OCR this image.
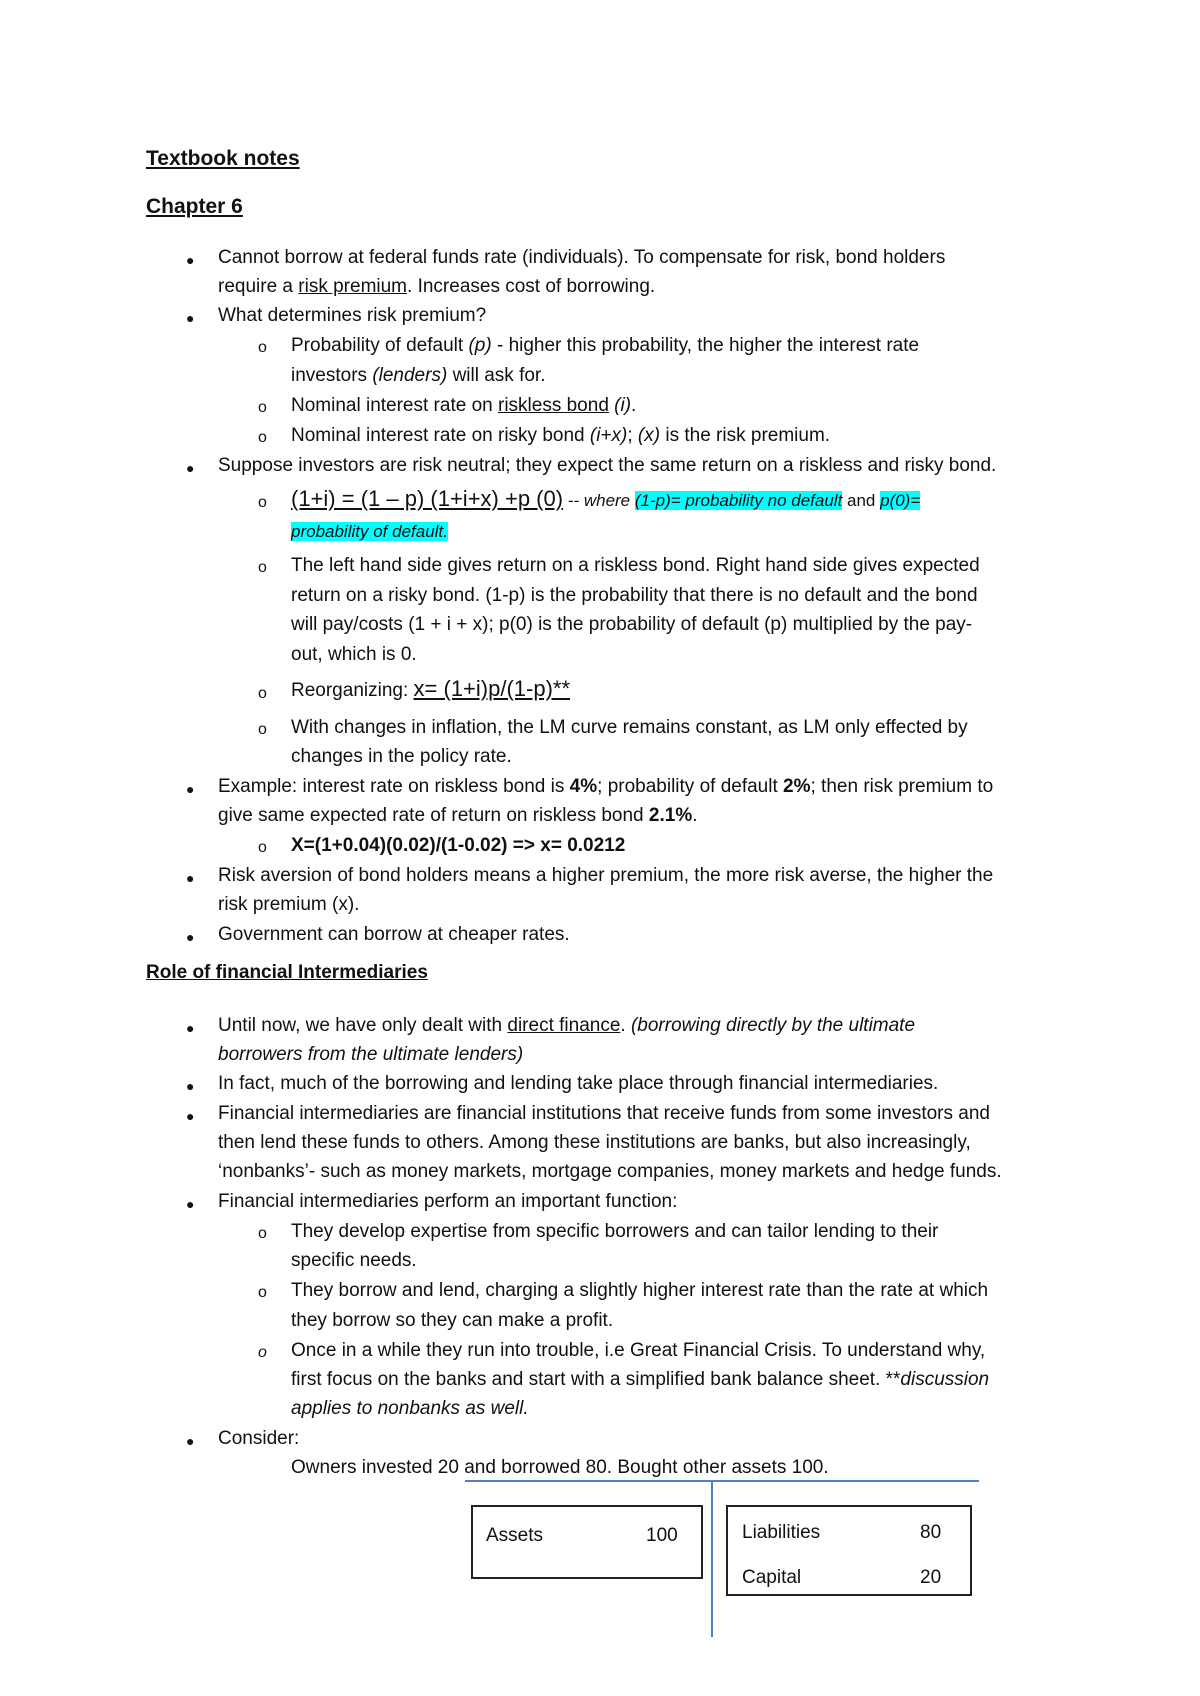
Textbook notes
Chapter 6
● Cannot borrow at federal funds rate (individuals). To compensate for risk, bond holders
require a risk premium. Increases cost of borrowing.
● What determines risk premium?
o Probability of default (p) - higher this probability, the higher the interest rate
investors (lenders) will ask for.
o Nominal interest rate on riskless bond (i).
o Nominal interest rate on risky bond (i+x); (x) is the risk premium.
● Suppose investors are risk neutral; they expect the same return on a riskless and risky bond.
o (1+i) = (1 – p) (1+i+x) +p (0) -- where (1-p)= probability no default and p(0)=
probability of default.
o The left hand side gives return on a riskless bond. Right hand side gives expected
return on a risky bond. (1-p) is the probability that there is no default and the bond
will pay/costs (1 + i + x); p(0) is the probability of default (p) multiplied by the pay-
out, which is 0.
o Reorganizing: x= (1+i)p/(1-p)**
o With changes in inflation, the LM curve remains constant, as LM only effected by
changes in the policy rate.
● Example: interest rate on riskless bond is 4%; probability of default 2%; then risk premium to
give same expected rate of return on riskless bond 2.1%.
o X=(1+0.04)(0.02)/(1-0.02) => x= 0.0212
● Risk aversion of bond holders means a higher premium, the more risk averse, the higher the
risk premium (x).
● Government can borrow at cheaper rates.
Role of financial Intermediaries
● Until now, we have only dealt with direct finance. (borrowing directly by the ultimate
borrowers from the ultimate lenders)
● In fact, much of the borrowing and lending take place through financial intermediaries.
● Financial intermediaries are financial institutions that receive funds from some investors and
then lend these funds to others. Among these institutions are banks, but also increasingly,
‘nonbanks’- such as money markets, mortgage companies, money markets and hedge funds.
● Financial intermediaries perform an important function:
o They develop expertise from specific borrowers and can tailor lending to their
specific needs.
o They borrow and lend, charging a slightly higher interest rate than the rate at which
they borrow so they can make a profit.
o Once in a while they run into trouble, i.e Great Financial Crisis. To understand why,
first focus on the banks and start with a simplified bank balance sheet. **discussion
applies to nonbanks as well.
● Consider:
Owners invested 20 and borrowed 80. Bought other assets 100.
Assets	100	Liabilities	80
Capital	20
